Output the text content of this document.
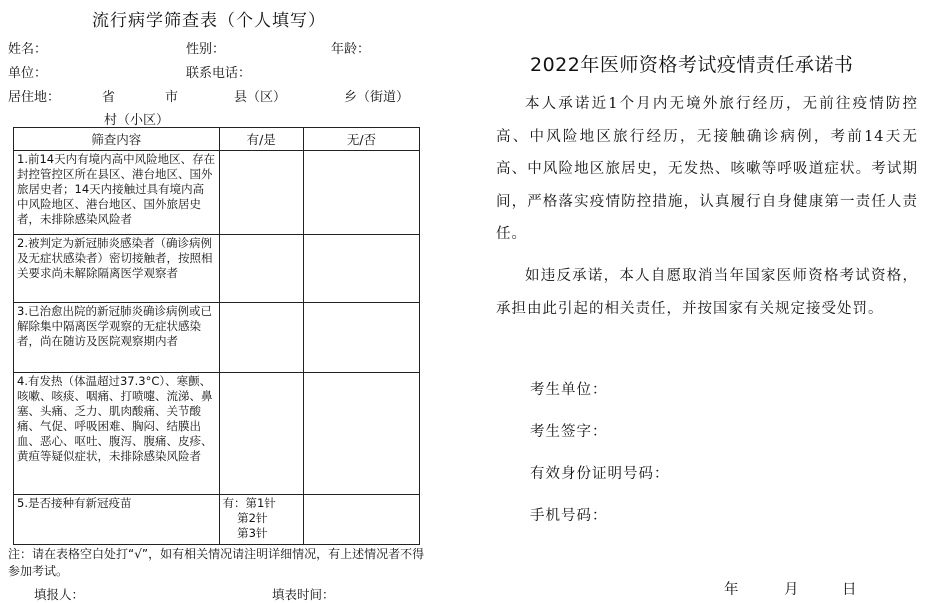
流行病学筛查表（个人填写）
姓名：	性别：	年龄：
单位：	联系电话：
居住地：	省	市	县（区）	乡（街道）
村（小区）
筛查内容	有/是	无/否
1.前14天内有境内高中风险地区、存在封控管控区所在县区、港台地区、国外旅居史者；14天内接触过具有境内高中风险地区、港台地区、国外旅居史者，未排除感染风险者		
2.被判定为新冠肺炎感染者（确诊病例及无症状感染者）密切接触者，按照相关要求尚未解除隔离医学观察者		
3.已治愈出院的新冠肺炎确诊病例或已解除集中隔离医学观察的无症状感染者，尚在随访及医院观察期内者		
4.有发热（体温超过37.3°C）、寒颤、咳嗽、咳痰、咽痛、打喷嚏、流涕、鼻塞、头痛、乏力、肌肉酸痛、关节酸痛、气促、呼吸困难、胸闷、结膜出血、恶心、呕吐、腹泻、腹痛、皮疹、黄疸等疑似症状，未排除感染风险者		
5.是否接种有新冠疫苗	有：第1针
第2针
第3针	
注：请在表格空白处打“√”，如有相关情况请注明详细情况，有上述情况者不得参加考试。
填报人：	填表时间：
2022年医师资格考试疫情责任承诺书
本人承诺近1个月内无境外旅行经历，无前往疫情防控高、中风险地区旅行经历，无接触确诊病例，考前14天无高、中风险地区旅居史，无发热、咳嗽等呼吸道症状。考试期间，严格落实疫情防控措施，认真履行自身健康第一责任人责任。
如违反承诺，本人自愿取消当年国家医师资格考试资格，承担由此引起的相关责任，并按国家有关规定接受处罚。
考生单位：
考生签字：
有效身份证明号码：
手机号码：
年	月	日
